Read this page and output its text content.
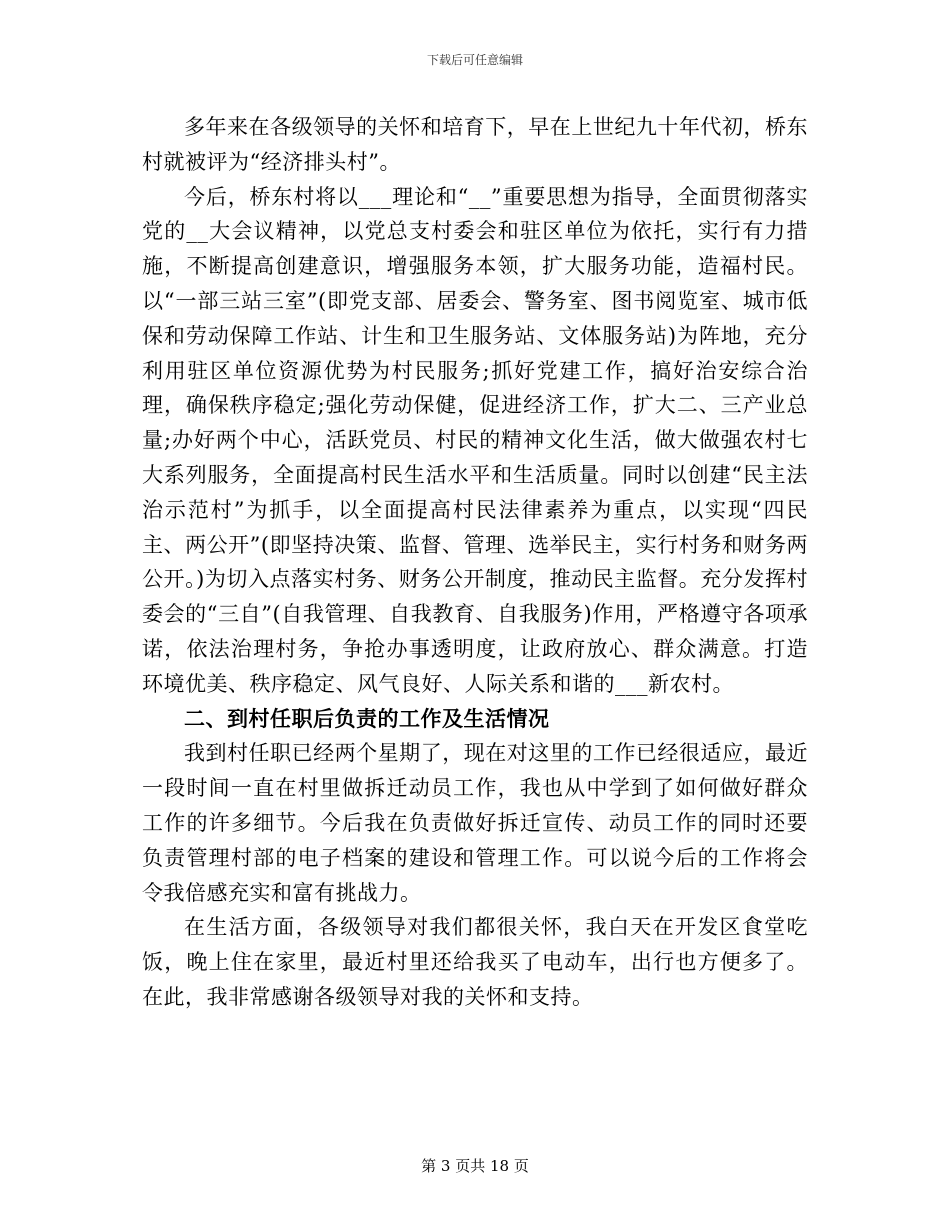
下载后可任意编辑

多年来在各级领导的关怀和培育下，早在上世纪九十年代初，桥东村就被评为“经济排头村”。

今后，桥东村将以___理论和“__”重要思想为指导，全面贯彻落实党的__大会议精神，以党总支村委会和驻区单位为依托，实行有力措施，不断提高创建意识，增强服务本领，扩大服务功能，造福村民。以“一部三站三室”(即党支部、居委会、警务室、图书阅览室、城市低保和劳动保障工作站、计生和卫生服务站、文体服务站)为阵地，充分利用驻区单位资源优势为村民服务;抓好党建工作，搞好治安综合治理，确保秩序稳定;强化劳动保健，促进经济工作，扩大二、三产业总量;办好两个中心，活跃党员、村民的精神文化生活，做大做强农村七大系列服务，全面提高村民生活水平和生活质量。同时以创建“民主法治示范村”为抓手，以全面提高村民法律素养为重点，以实现“四民主、两公开”(即坚持决策、监督、管理、选举民主，实行村务和财务两公开。)为切入点落实村务、财务公开制度，推动民主监督。充分发挥村委会的“三自”(自我管理、自我教育、自我服务)作用，严格遵守各项承诺，依法治理村务，争抢办事透明度，让政府放心、群众满意。打造环境优美、秩序稳定、风气良好、人际关系和谐的___新农村。

二、到村任职后负责的工作及生活情况

我到村任职已经两个星期了，现在对这里的工作已经很适应，最近一段时间一直在村里做拆迁动员工作，我也从中学到了如何做好群众工作的许多细节。今后我在负责做好拆迁宣传、动员工作的同时还要负责管理村部的电子档案的建设和管理工作。可以说今后的工作将会令我倍感充实和富有挑战力。

在生活方面，各级领导对我们都很关怀，我白天在开发区食堂吃饭，晚上住在家里，最近村里还给我买了电动车，出行也方便多了。在此，我非常感谢各级领导对我的关怀和支持。

第 3 页共 18 页
